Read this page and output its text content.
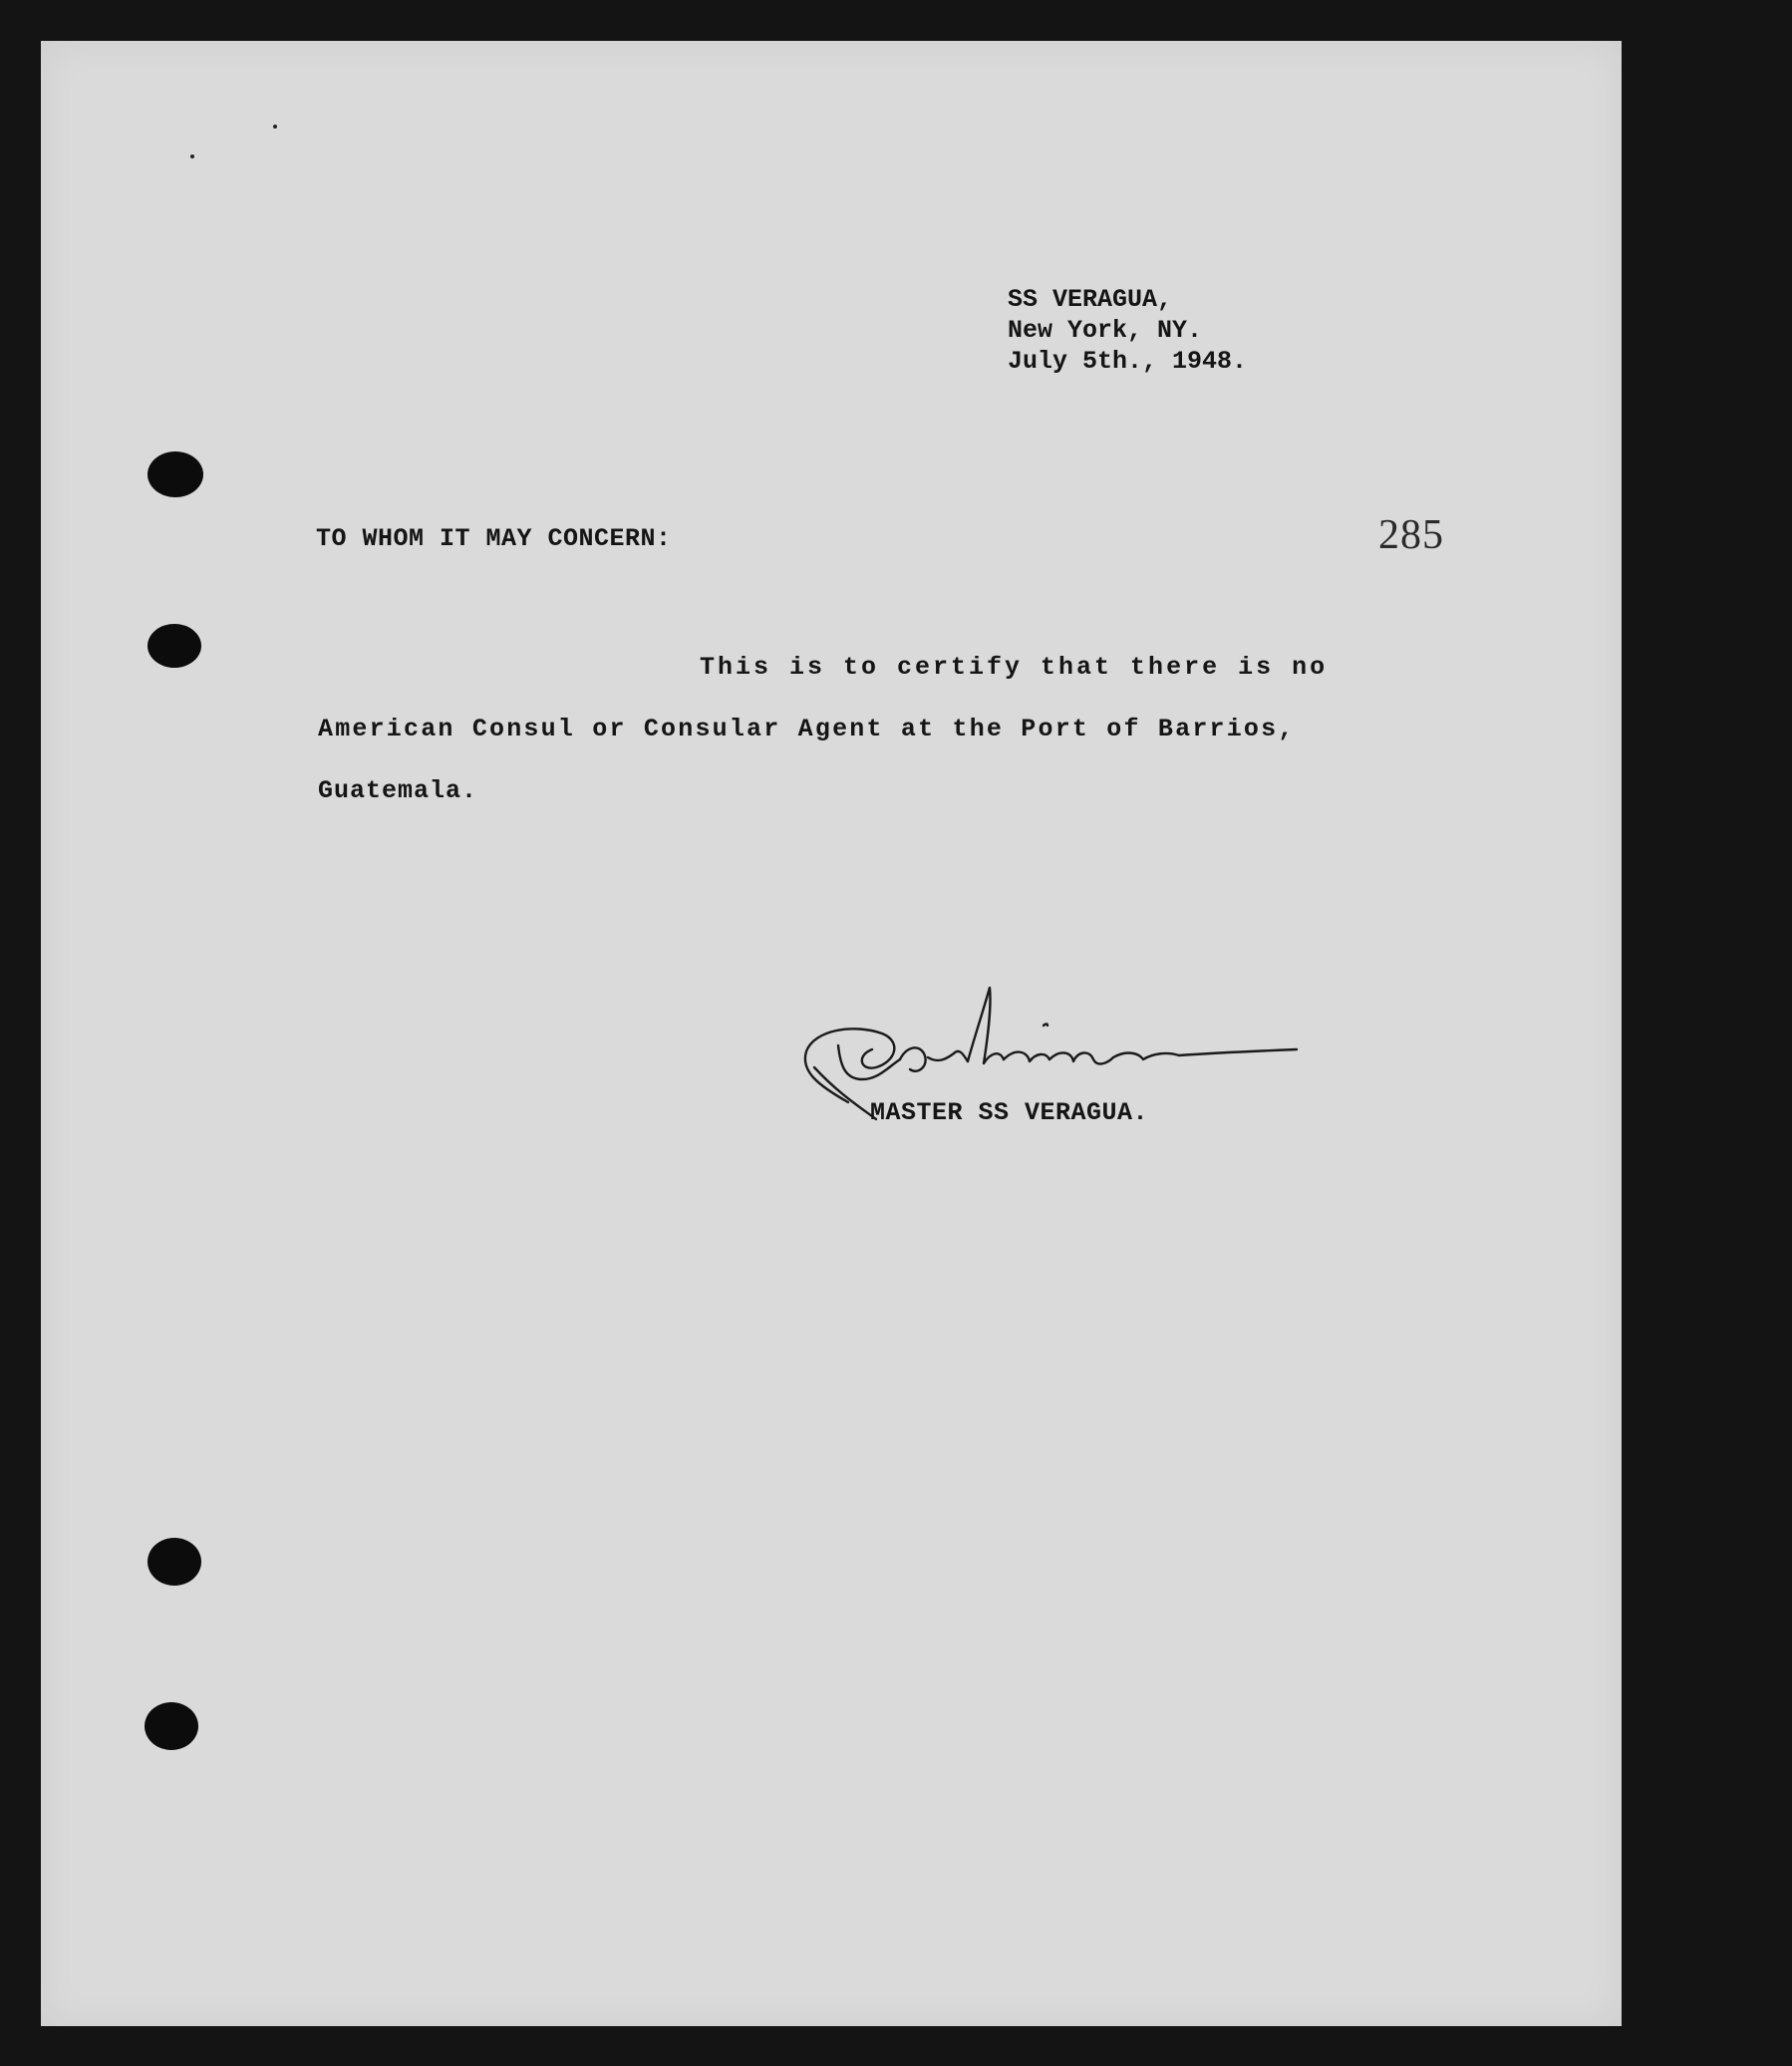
SS VERAGUA,
New York, NY.
July 5th., 1948.
TO WHOM IT MAY CONCERN:	285
This is to certify that there is no
American Consul or Consular Agent at the Port of Barrios,
Guatemala.
MASTER SS VERAGUA.
